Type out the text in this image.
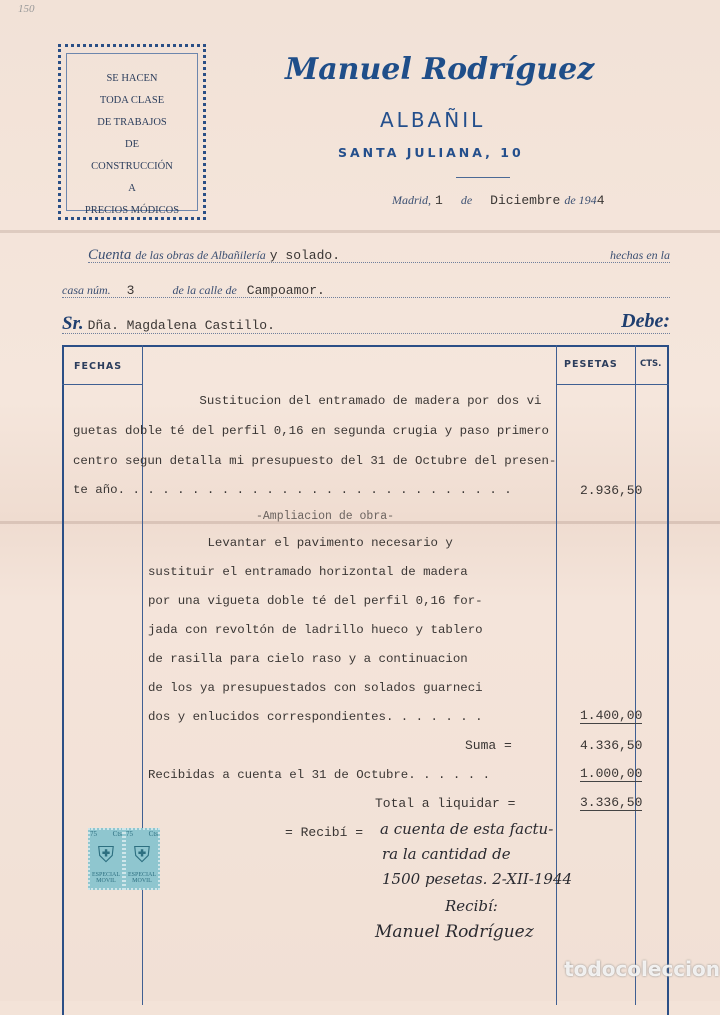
150
SE HACEN
TODA CLASE
DE TRABAJOS
DE
CONSTRUCCIÓN
A
PRECIOS MÓDICOS
Manuel Rodríguez
ALBAÑIL
SANTA JULIANA, 10
Madrid, 1 de Diciembre de 1944
Cuenta de las obras de Albañilería y solado.	hechas en la
casa núm. 3	de la calle de Campoamor.
Sr. Dña. Magdalena Castillo.	Debe:
FECHAS	PESETAS	CTS.
Sustitucion del entramado de madera por dos vi
guetas doble té del perfil 0,16 en segunda crugia y paso primero
centro segun detalla mi presupuesto del 31 de Octubre del presen-
te año. . . . . . . . . . . . . . . . . . . . . . . . . . .	2.936,50
-Ampliacion de obra-
Levantar el pavimento necesario y
sustituir el entramado horizontal de madera
por una vigueta doble té del perfil 0,16 for-
jada con revoltón de ladrillo hueco y tablero
de rasilla para cielo raso y a continuacion
de los ya presupuestados con solados guarneci
dos y enlucidos correspondientes. . . . . . .	1.400,00
Suma =	4.336,50
Recibidas a cuenta el 31 de Octubre. . . . . .	1.000,00
Total a liquidar =	3.336,50
= Recibí = a cuenta de esta factu-
ra la cantidad de
1500 pesetas. 2-XII-1944
Recibí:
Manuel Rodríguez
75 Cts
⛨
ESPECIAL MOVIL
75 Cts
⛨
ESPECIAL MOVIL
todocoleccion
